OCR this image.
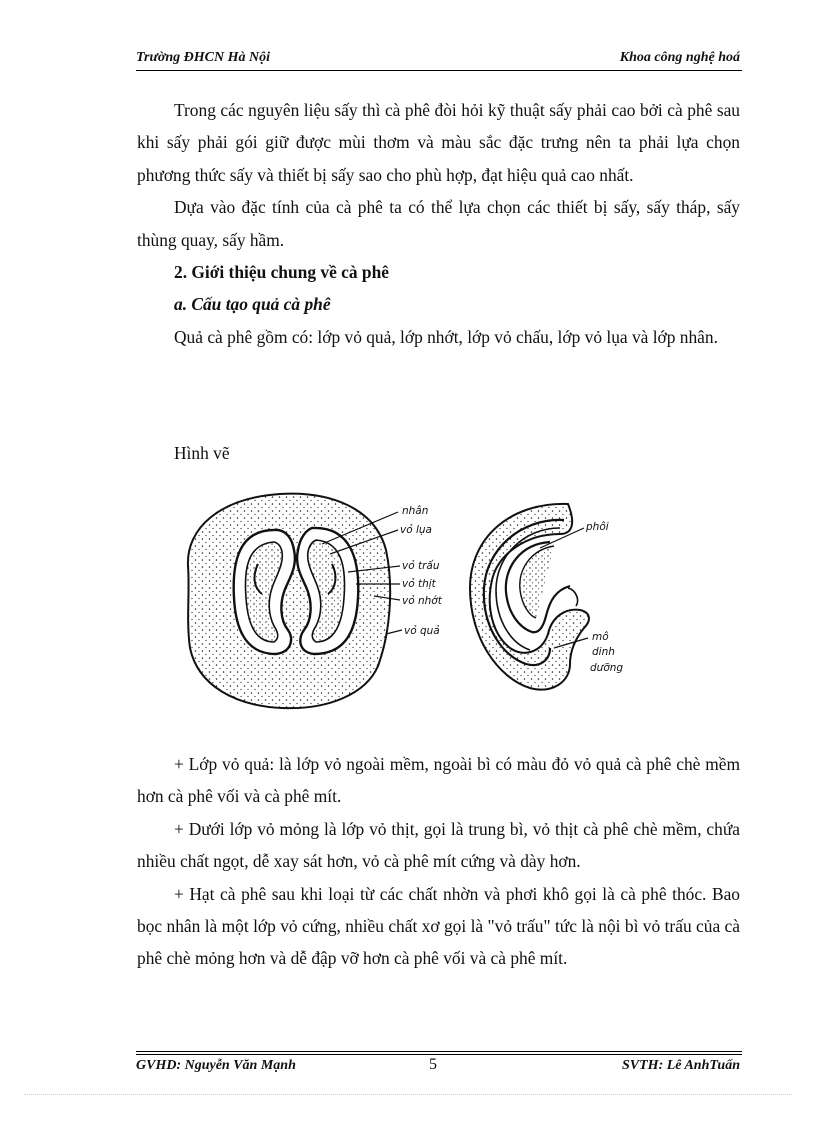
Trường ĐHCN Hà Nội	Khoa công nghệ hoá

Trong các nguyên liệu sấy thì cà phê đòi hỏi kỹ thuật sấy phải cao bởi cà phê sau khi sấy phải gói giữ được mùi thơm và màu sắc đặc trưng nên ta phải lựa chọn phương thức sấy và thiết bị sấy sao cho phù hợp, đạt hiệu quả cao nhất.

Dựa vào đặc tính của cà phê ta có thể lựa chọn các thiết bị sấy, sấy tháp, sấy thùng quay, sấy hầm.

2. Giới thiệu chung về cà phê

a. Cấu tạo quả cà phê

Quả cà phê gồm có: lớp vỏ quả, lớp nhớt, lớp vỏ chấu, lớp vỏ lụa và lớp nhân.

Hình vẽ

nhân
vỏ lụa
vỏ trấu
vỏ thịt
vỏ nhớt
vỏ quả
phôi
mô
dinh
dưỡng

+ Lớp vỏ quả: là lớp vỏ ngoài mềm, ngoài bì có màu đỏ vỏ quả cà phê chè mềm hơn cà phê vối và cà phê mít.

+ Dưới lớp vỏ mỏng là lớp vỏ thịt, gọi là trung bì, vỏ thịt cà phê chè mềm, chứa nhiều chất ngọt, dễ xay sát hơn, vỏ cà phê mít cứng và dày hơn.

+ Hạt cà phê sau khi loại từ các chất nhờn và phơi khô gọi là cà phê thóc. Bao bọc nhân là một lớp vỏ cứng, nhiều chất xơ gọi là "vỏ trấu" tức là nội bì vỏ trấu của cà phê chè mỏng hơn và dễ đập vỡ hơn cà phê vối và cà phê mít.

GVHD: Nguyễn Văn Mạnh	5	SVTH: Lê AnhTuấn
